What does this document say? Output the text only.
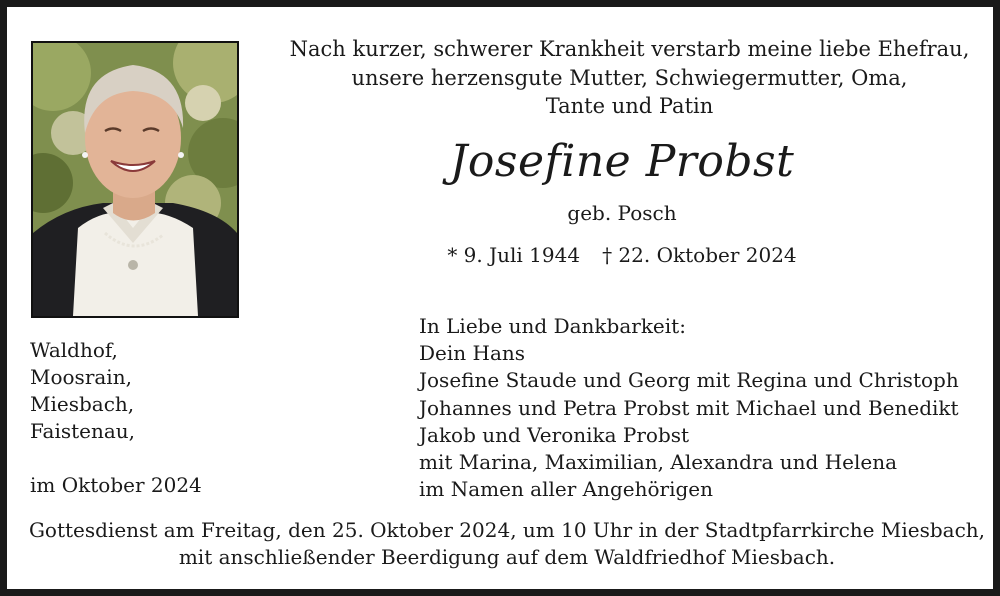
Nach kurzer, schwerer Krankheit verstarb meine liebe Ehefrau,
unsere herzensgute Mutter, Schwiegermutter, Oma,
Tante und Patin
Josefine Probst
geb. Posch
* 9. Juli 1944 † 22. Oktober 2024
Waldhof,
Moosrain,
Miesbach,
Faistenau,
im Oktober 2024
In Liebe und Dankbarkeit:
Dein Hans
Josefine Staude und Georg mit Regina und Christoph
Johannes und Petra Probst mit Michael und Benedikt
Jakob und Veronika Probst
mit Marina, Maximilian, Alexandra und Helena
im Namen aller Angehörigen
Gottesdienst am Freitag, den 25. Oktober 2024, um 10 Uhr in der Stadtpfarrkirche Miesbach,
mit anschließender Beerdigung auf dem Waldfriedhof Miesbach.
